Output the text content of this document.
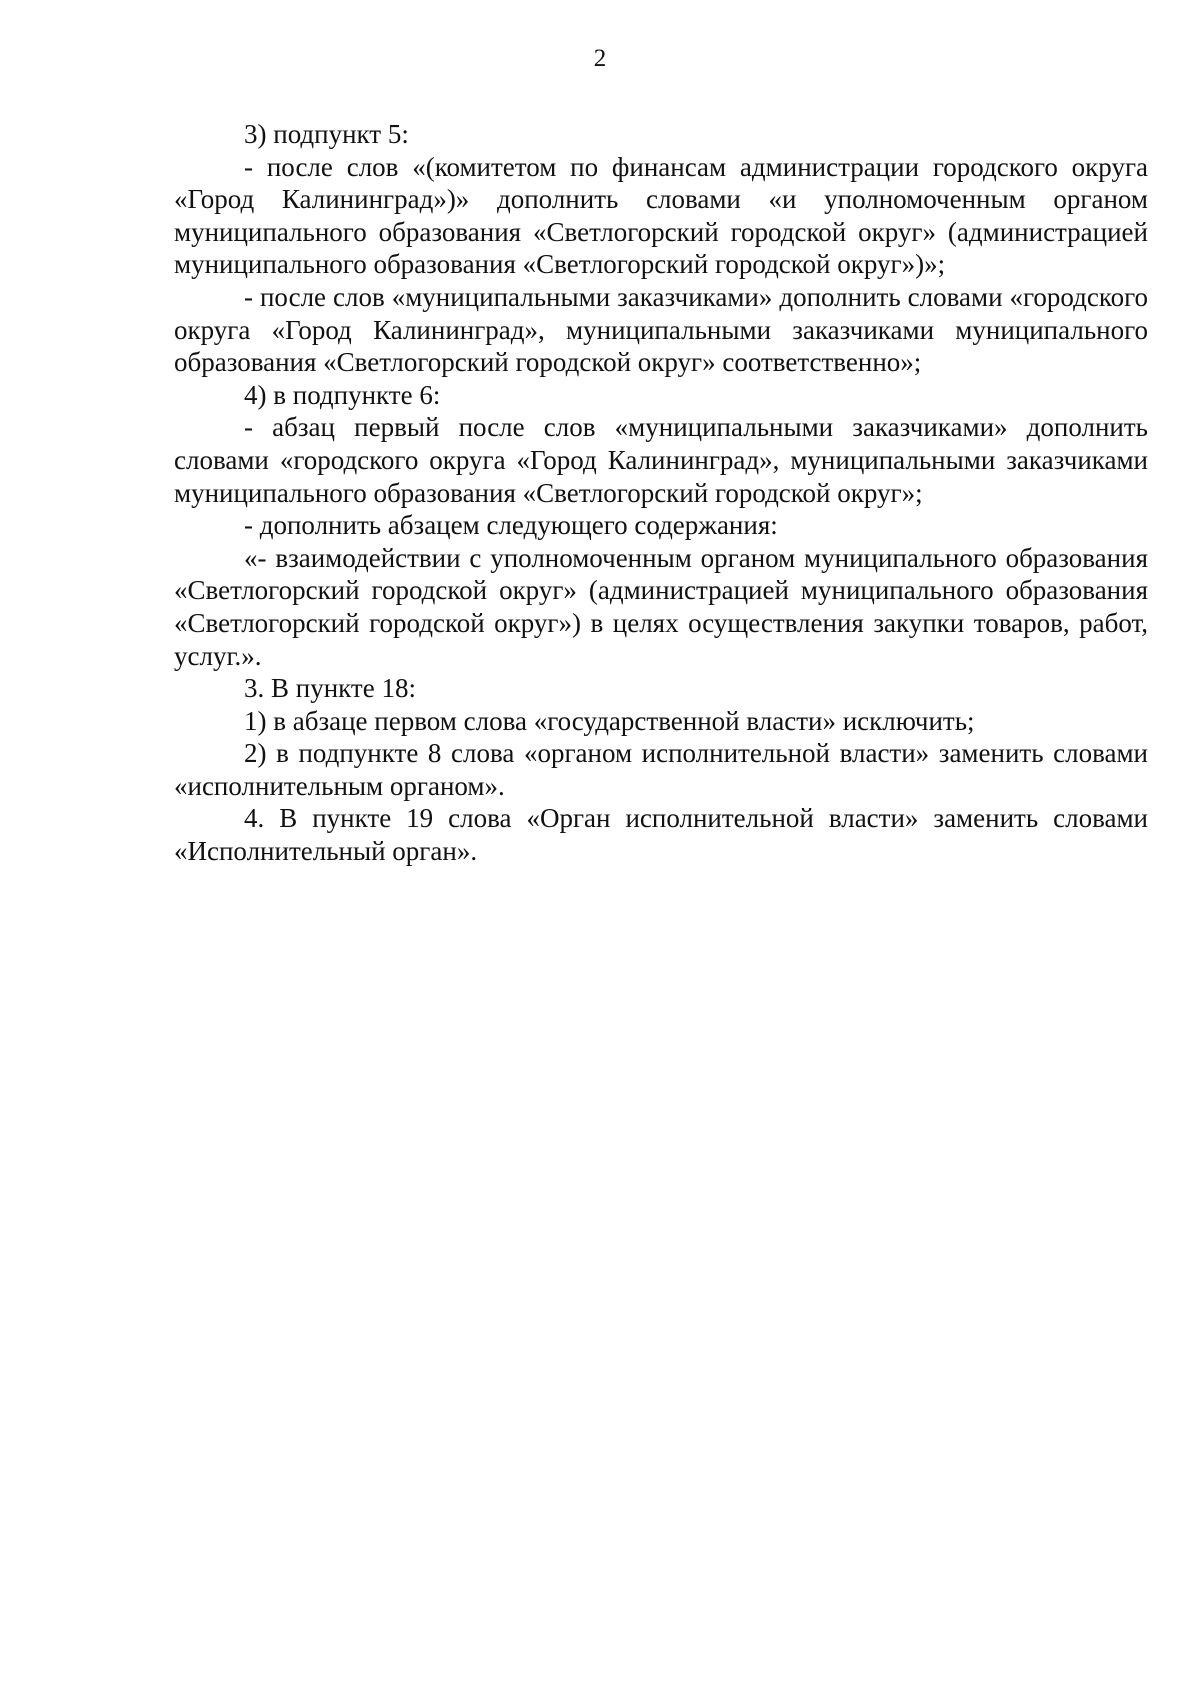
2

3) подпункт 5:

- после слов «(комитетом по финансам администрации городского округа «Город Калининград»)» дополнить словами «и уполномоченным органом муниципального образования «Светлогорский городской округ» (администрацией муниципального образования «Светлогорский городской округ»)»;

- после слов «муниципальными заказчиками» дополнить словами «городского округа «Город Калининград», муниципальными заказчиками муниципального образования «Светлогорский городской округ» соответственно»;

4) в подпункте 6:

- абзац первый после слов «муниципальными заказчиками» дополнить словами «городского округа «Город Калининград», муниципальными заказчиками муниципального образования «Светлогорский городской округ»;

- дополнить абзацем следующего содержания:

«- взаимодействии с уполномоченным органом муниципального образования «Светлогорский городской округ» (администрацией муниципального образования «Светлогорский городской округ») в целях осуществления закупки товаров, работ, услуг.».

3. В пункте 18:

1) в абзаце первом слова «государственной власти» исключить;

2) в подпункте 8 слова «органом исполнительной власти» заменить словами «исполнительным органом».

4. В пункте 19 слова «Орган исполнительной власти» заменить словами «Исполнительный орган».
